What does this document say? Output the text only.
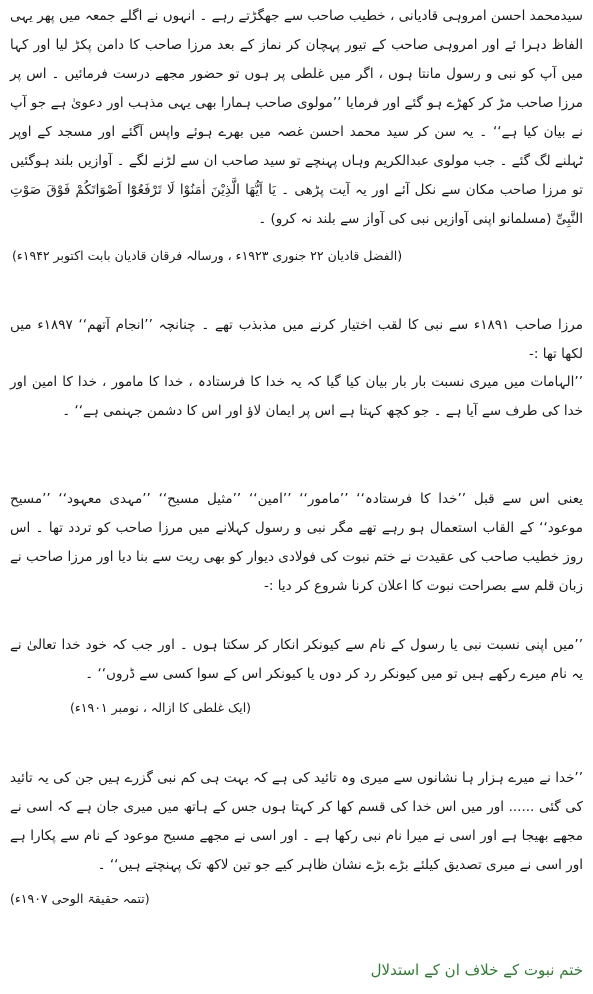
سیدمحمد احسن امروہی قادیانی ، خطیب صاحب سے جھگڑتے رہے ۔ انہوں نے اگلے جمعہ میں پھر یہی الفاظ دہرا ئے اور امروہی صاحب کے تیور پہچان کر نماز کے بعد مرزا صاحب کا دامن پکڑ لیا اور کہا میں آپ کو نبی و رسول مانتا ہوں ، اگر میں غلطی پر ہوں تو حضور مجھے درست فرمائیں ۔ اس پر مرزا صاحب مڑ کر کھڑے ہو گئے اور فرمایا ’’مولوی صاحب ہمارا بھی یہی مذہب اور دعویٰ ہے جو آپ نے بیان کیا ہے‘‘ ۔ یہ سن کر سید محمد احسن غصہ میں بھرے ہوئے واپس آگئے اور مسجد کے اوپر ٹہلنے لگ گئے ۔ جب مولوی عبدالکریم وہاں پہنچے تو سید صاحب ان سے لڑنے لگے ۔ آوازیں بلند ہوگئیں تو مرزا صاحب مکان سے نکل آئے اور یہ آیت پڑھی ۔ یَا اَیُّھَا الَّذِیْنَ اٰمَنُوْا لَا تَرْفَعُوْٓا اَصْوَاتَکُمْ فَوْقَ صَوْتِ النَّبِیِّ (مسلمانو اپنی آوازیں نبی کی آواز سے بلند نہ کرو) ۔

(الفضل قادیان ۲۲ جنوری ۱۹۲۳ء ، ورسالہ فرقان قادیان بابت اکتوبر ۱۹۴۲ء)

مرزا صاحب ۱۸۹۱ء سے نبی کا لقب اختیار کرنے میں مذبذب تھے ۔ چنانچہ ’’انجام آتھم‘‘ ۱۸۹۷ء میں لکھا تھا :-

’’الہامات میں میری نسبت بار بار بیان کیا گیا کہ یہ خدا کا فرستادہ ، خدا کا مامور ، خدا کا امین اور خدا کی طرف سے آیا ہے ۔ جو کچھ کہتا ہے اس پر ایمان لاؤ اور اس کا دشمن جہنمی ہے‘‘ ۔

یعنی اس سے قبل ’’خدا کا فرستادہ‘‘ ’’مامور‘‘ ’’امین‘‘ ’’مثیل مسیح‘‘ ’’مہدی معہود‘‘ ’’مسیح موعود‘‘ کے القاب استعمال ہو رہے تھے مگر نبی و رسول کہلانے میں مرزا صاحب کو تردد تھا ۔ اس روز خطیب صاحب کی عقیدت نے ختم نبوت کی فولادی دیوار کو بھی ریت سے بنا دیا اور مرزا صاحب نے زبان قلم سے بصراحت نبوت کا اعلان کرنا شروع کر دیا :-

’’میں اپنی نسبت نبی یا رسول کے نام سے کیونکر انکار کر سکتا ہوں ۔ اور جب کہ خود خدا تعالیٰ نے یہ نام میرے رکھے ہیں تو میں کیونکر رد کر دوں یا کیونکر اس کے سوا کسی سے ڈروں‘‘ ۔

(ایک غلطی کا ازالہ ، نومبر ۱۹۰۱ء)

’’خدا نے میرے ہزار ہا نشانوں سے میری وہ تائید کی ہے کہ بہت ہی کم نبی گزرے ہیں جن کی یہ تائید کی گئی ...... اور میں اس خدا کی قسم کھا کر کہتا ہوں جس کے ہاتھ میں میری جان ہے کہ اسی نے مجھے بھیجا ہے اور اسی نے میرا نام نبی رکھا ہے ۔ اور اسی نے مجھے مسیح موعود کے نام سے پکارا ہے اور اسی نے میری تصدیق کیلئے بڑے بڑے نشان ظاہر کیے جو تین لاکھ تک پہنچتے ہیں‘‘ ۔

(تتمہ حقیقۃ الوحی ۱۹۰۷ء)

ختم نبوت کے خلاف ان کے استدلال
